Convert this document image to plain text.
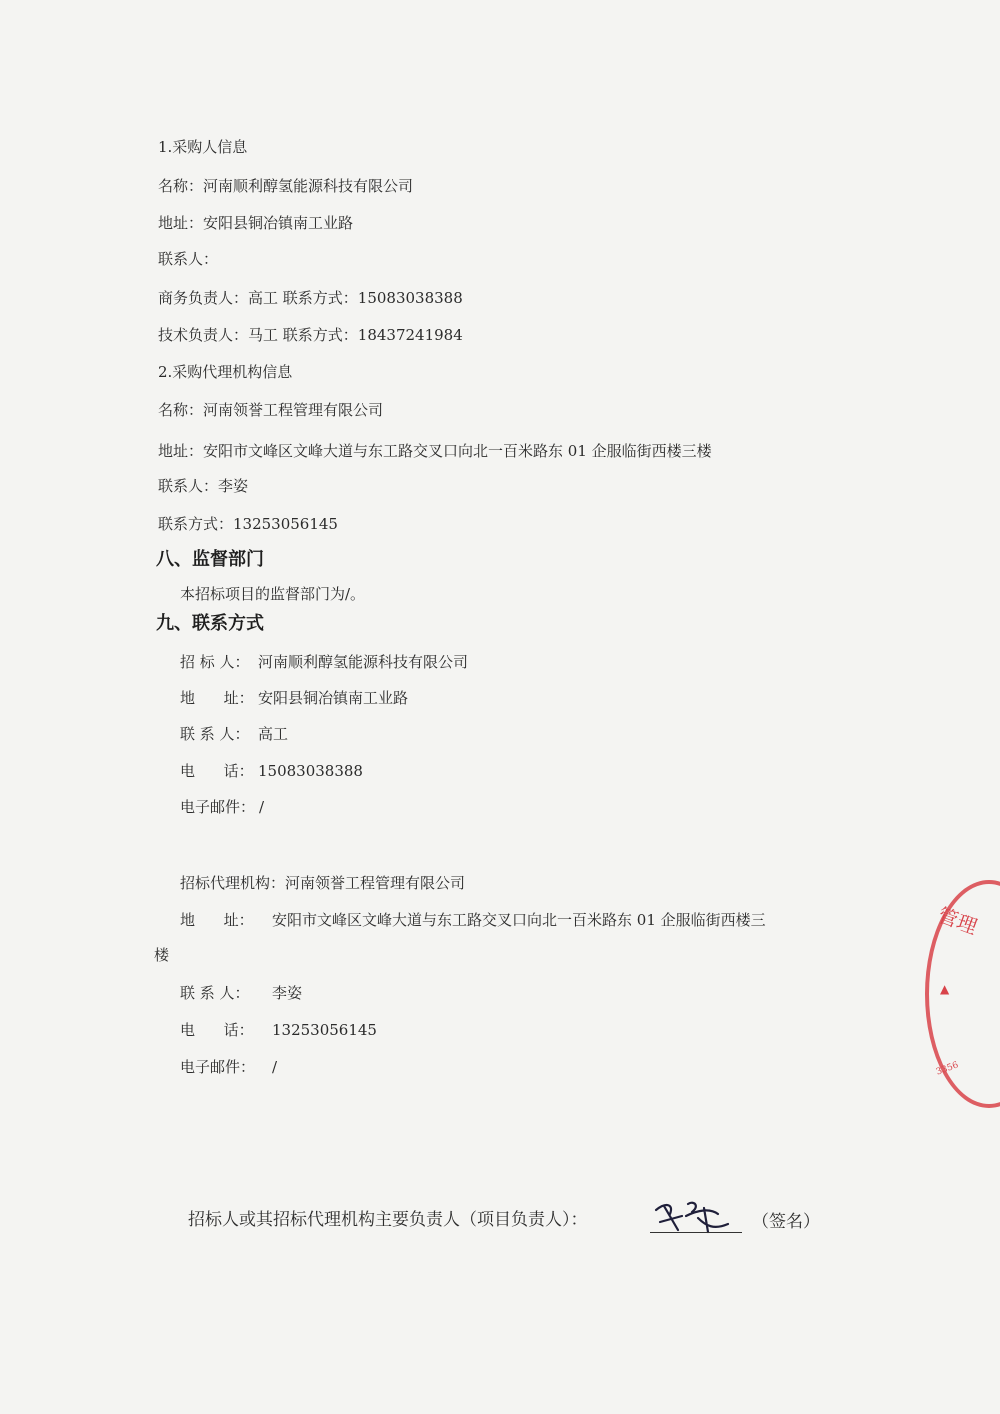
1.采购人信息
名称：河南顺利醇氢能源科技有限公司
地址：安阳县铜冶镇南工业路
联系人：
商务负责人：高工 联系方式：15083038388
技术负责人：马工 联系方式：18437241984
2.采购代理机构信息
名称：河南领誉工程管理有限公司
地址：安阳市文峰区文峰大道与东工路交叉口向北一百米路东 01 企服临街西楼三楼
联系人：李姿
联系方式：13253056145
八、监督部门
本招标项目的监督部门为/。
九、联系方式
招 标 人： 河南顺利醇氢能源科技有限公司
地      址： 安阳县铜冶镇南工业路
联 系 人： 高工
电      话： 15083038388
电子邮件： /
招标代理机构：河南领誉工程管理有限公司
地      址： 安阳市文峰区文峰大道与东工路交叉口向北一百米路东 01 企服临街西楼三
楼
联 系 人： 李姿
电      话： 13253056145
电子邮件： /
管理
▲
3356
招标人或其招标代理机构主要负责人（项目负责人）：	（签名）
